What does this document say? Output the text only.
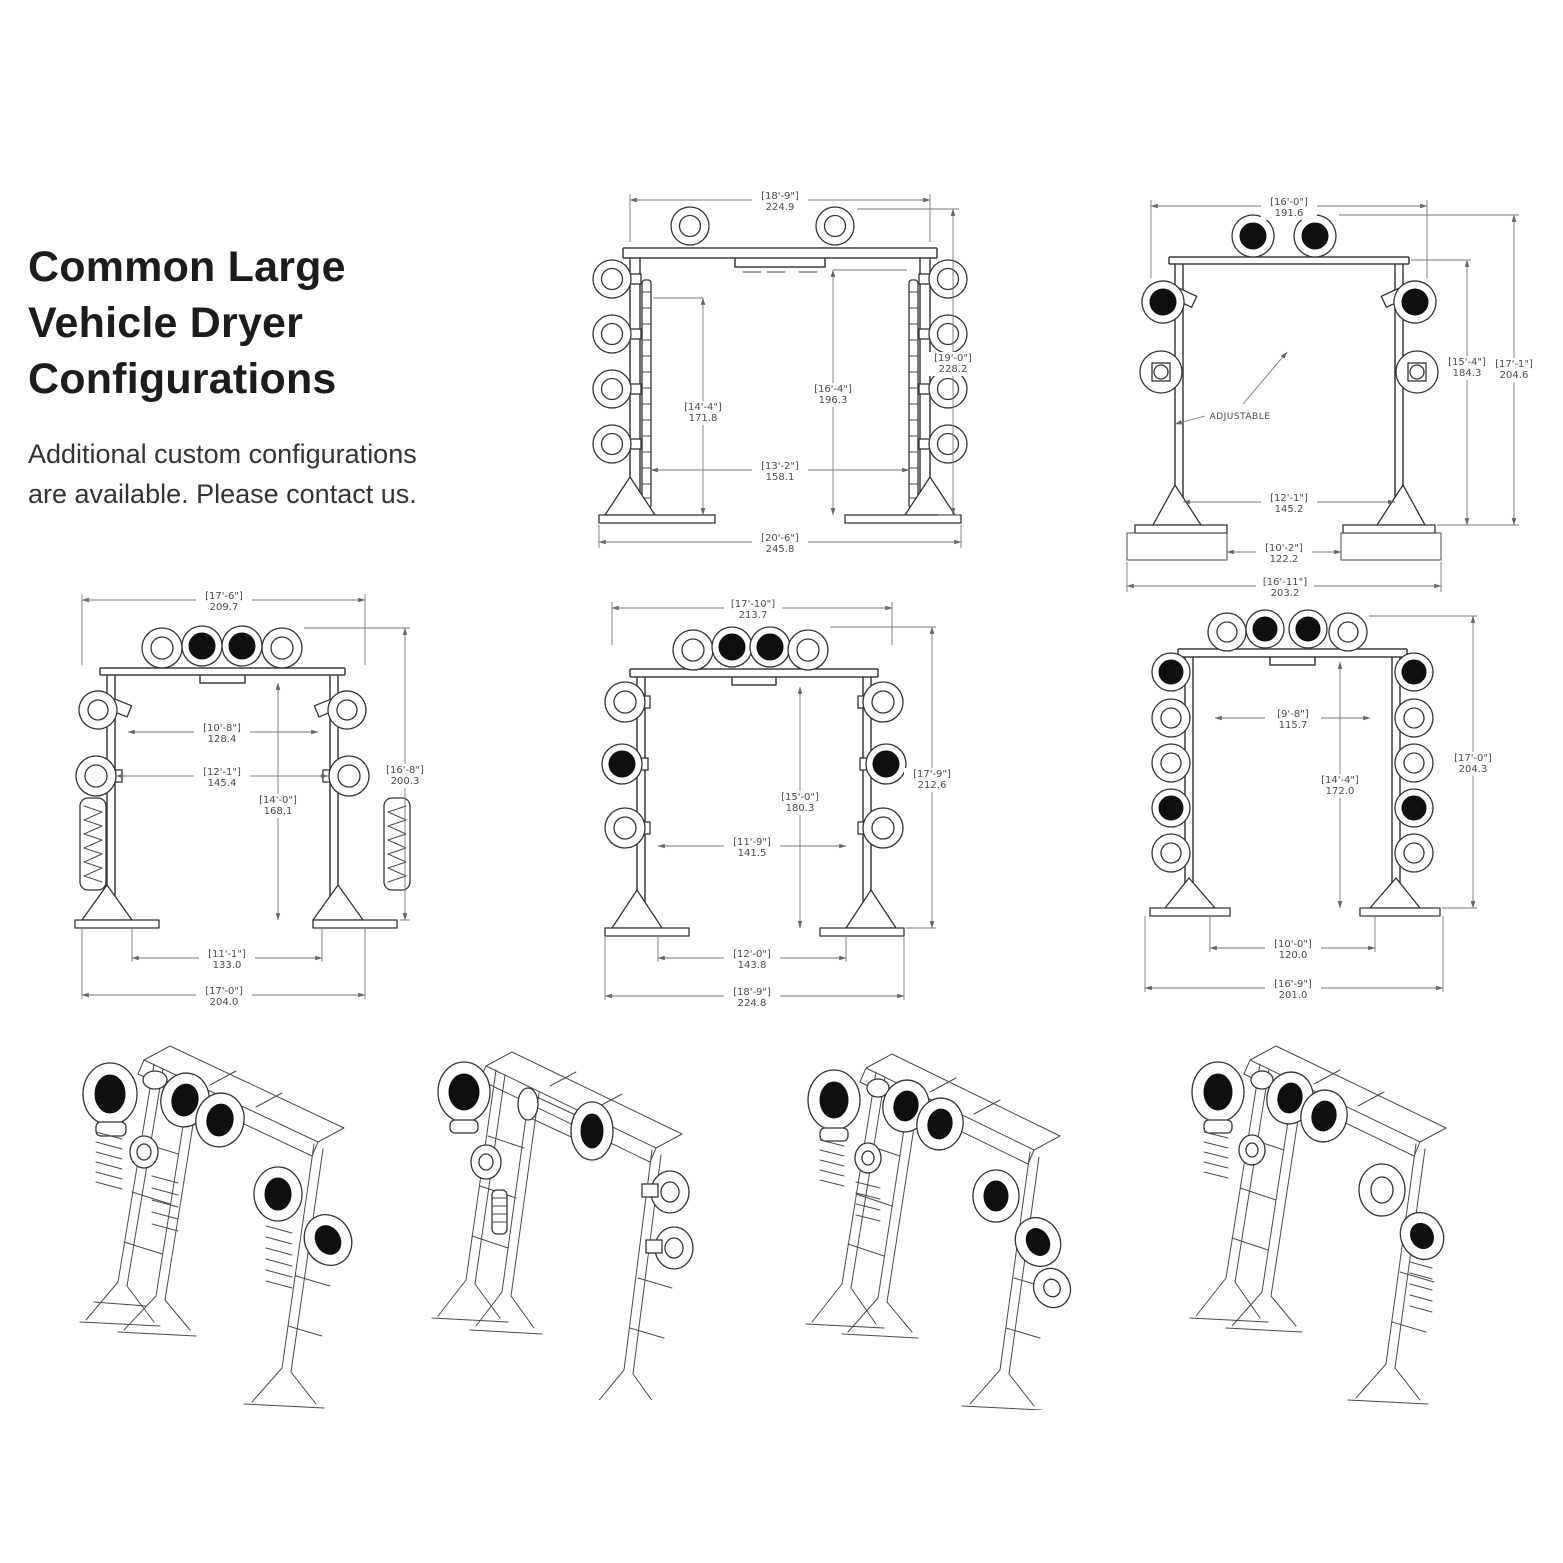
Common Large
Vehicle Dryer
Configurations

Additional custom configurations
are available. Please contact us.

[18'-9"]
224.9
[19'-0"]
228.2
[14'-4"]
171.8
[16'-4"]
196.3
[13'-2"]
158.1
[20'-6"]
245.8
ADJUSTABLE
[16'-0"]
191.6
[17'-1"]
204.6
[15'-4"]
184.3
[12'-1"]
145.2
[10'-2"]
122.2
[16'-11"]
203.2
[17'-6"]
209.7
[16'-8"]
200.3
[10'-8"]
128.4
[12'-1"]
145.4
[14'-0"]
168.1
[11'-1"]
133.0
[17'-0"]
204.0
[17'-10"]
213.7
[17'-9"]
212.6
[15'-0"]
180.3
[11'-9"]
141.5
[12'-0"]
143.8
[18'-9"]
224.8
[9'-8"]
115.7
[14'-4"]
172.0
[17'-0"]
204.3
[10'-0"]
120.0
[16'-9"]
201.0
